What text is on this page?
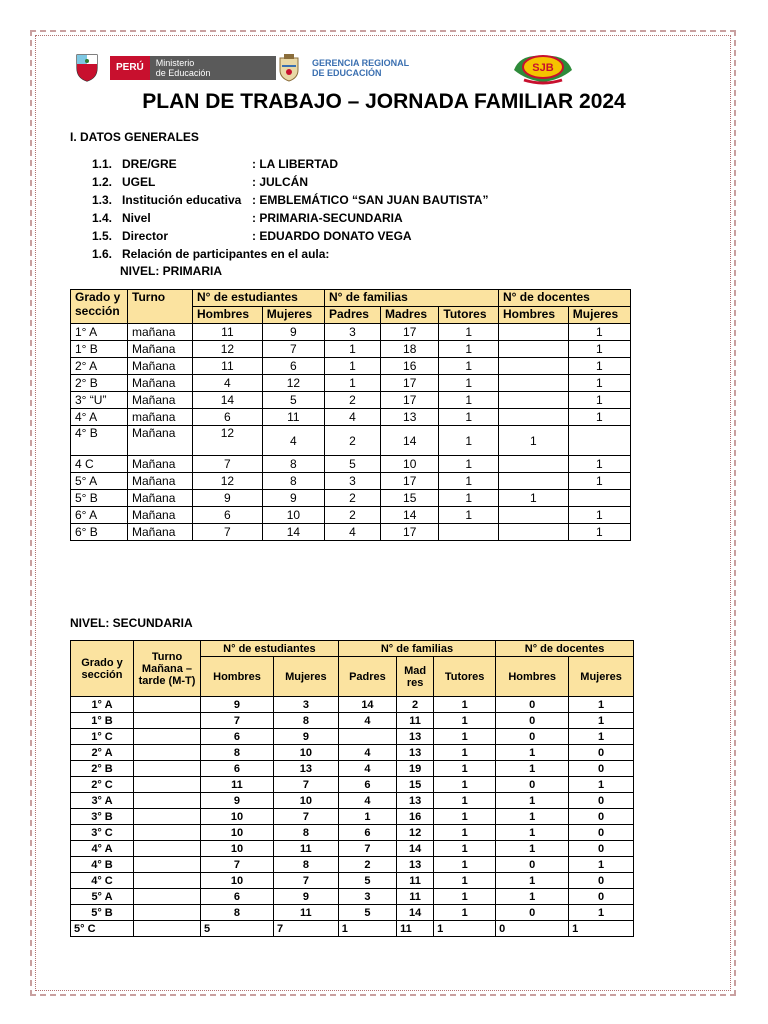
PERÚ	Ministerio
de Educación
GERENCIA REGIONAL
DE EDUCACIÓN	SJB
PLAN DE TRABAJO – JORNADA FAMILIAR 2024
I. DATOS GENERALES
1.1. DRE/GRE	: LA LIBERTAD
1.2. UGEL	: JULCÁN
1.3. Institución educativa : EMBLEMÁTICO “SAN JUAN BAUTISTA”
1.4. Nivel	: PRIMARIA-SECUNDARIA
1.5. Director	: EDUARDO DONATO VEGA
1.6. Relación de participantes en el aula:
NIVEL: PRIMARIA
Grado y sección	Turno	N° de estudiantes		N° de familias			N° de docentes	
		Hombres	Mujeres	Padres	Madres	Tutores	Hombres	Mujeres
1° A	mañana	11	9	3	17	1		1
1° B	Mañana	12	7	1	18	1		1
2° A	Mañana	11	6	1	16	1		1
2° B	Mañana	4	12	1	17	1		1
3° “U”	Mañana	14	5	2	17	1		1
4° A	mañana	6	11	4	13	1		1
4° B	Mañana	12	4	2	14	1	1	
4 C	Mañana	7	8	5	10	1		1
5° A	Mañana	12	8	3	17	1		1
5° B	Mañana	9	9	2	15	1	1	
6° A	Mañana	6	10	2	14	1		1
6° B	Mañana	7	14	4	17			1
NIVEL: SECUNDARIA
Grado y sección	Turno Mañana – tarde (M-T)	N° de estudiantes		N° de familias			N° de docentes	
		Hombres	Mujeres	Padres	Mad res	Tutores	Hombres	Mujeres
1° A		9	3	14	2	1	0	1
1° B		7	8	4	11	1	0	1
1° C		6	9		13	1	0	1
2° A		8	10	4	13	1	1	0
2° B		6	13	4	19	1	1	0
2° C		11	7	6	15	1	0	1
3° A		9	10	4	13	1	1	0
3° B		10	7	1	16	1	1	0
3° C		10	8	6	12	1	1	0
4° A		10	11	7	14	1	1	0
4° B		7	8	2	13	1	0	1
4° C		10	7	5	11	1	1	0
5° A		6	9	3	11	1	1	0
5° B		8	11	5	14	1	0	1
5° C		5	7	1	11	1	0	1
